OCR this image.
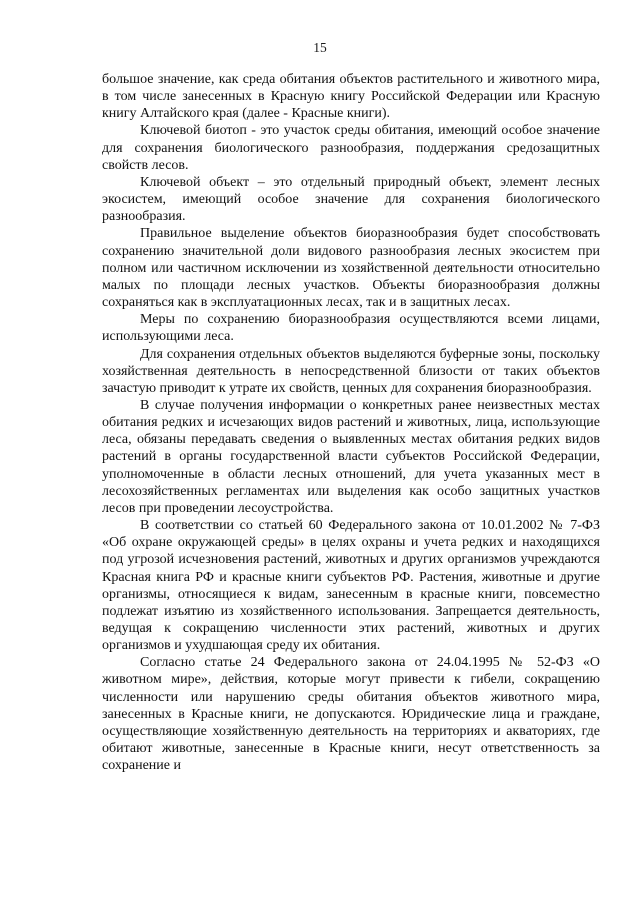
15

большое значение, как среда обитания объектов растительного и животного мира, в том числе занесенных в Красную книгу Российской Федерации или Красную книгу Алтайского края (далее - Красные книги).

Ключевой биотоп - это участок среды обитания, имеющий особое значение для сохранения биологического разнообразия, поддержания средозащитных свойств лесов.

Ключевой объект – это отдельный природный объект, элемент лесных экосистем, имеющий особое значение для сохранения биологического разнообразия.

Правильное выделение объектов биоразнообразия будет способствовать сохранению значительной доли видового разнообразия лесных экосистем при полном или частичном исключении из хозяйственной деятельности относительно малых по площади лесных участков. Объекты биоразнообразия должны сохраняться как в эксплуатационных лесах, так и в защитных лесах.

Меры по сохранению биоразнообразия осуществляются всеми лицами, использующими леса.

Для сохранения отдельных объектов выделяются буферные зоны, поскольку хозяйственная деятельность в непосредственной близости от таких объектов зачастую приводит к утрате их свойств, ценных для сохранения биоразнообразия.

В случае получения информации о конкретных ранее неизвестных местах обитания редких и исчезающих видов растений и животных, лица, использующие леса, обязаны передавать сведения о выявленных местах обитания редких видов растений в органы государственной власти субъектов Российской Федерации, уполномоченные в области лесных отношений, для учета указанных мест в лесохозяйственных регламентах или выделения как особо защитных участков лесов при проведении лесоустройства.

В соответствии со статьей 60 Федерального закона от 10.01.2002 № 7-ФЗ «Об охране окружающей среды» в целях охраны и учета редких и находящихся под угрозой исчезновения растений, животных и других организмов учреждаются Красная книга РФ и красные книги субъектов РФ. Растения, животные и другие организмы, относящиеся к видам, занесенным в красные книги, повсеместно подлежат изъятию из хозяйственного использования. Запрещается деятельность, ведущая к сокращению численности этих растений, животных и других организмов и ухудшающая среду их обитания.

Согласно статье 24 Федерального закона от 24.04.1995 № 52-ФЗ «О животном мире», действия, которые могут привести к гибели, сокращению численности или нарушению среды обитания объектов животного мира, занесенных в Красные книги, не допускаются. Юридические лица и граждане, осуществляющие хозяйственную деятельность на территориях и акваториях, где обитают животные, занесенные в Красные книги, несут ответственность за сохранение и
